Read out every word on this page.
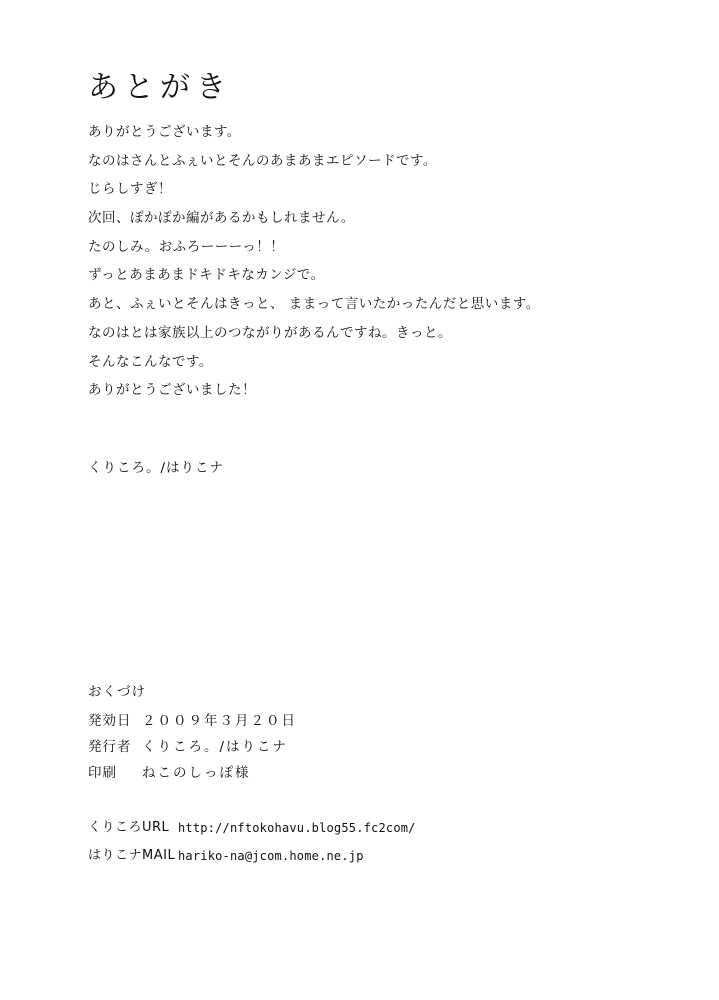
あとがき
ありがとうございます。
なのはさんとふぇいとそんのあまあまエピソードです。
じらしすぎ！
次回、ぽかぽか編があるかもしれません。
たのしみ。おふろーーーっ！！
ずっとあまあまドキドキなカンジで。
あと、ふぇいとそんはきっと、 ままって言いたかったんだと思います。
なのはとは家族以上のつながりがあるんですね。きっと。
そんなこんなです。
ありがとうございました！
くりころ。/はりこナ
おくづけ
発効日 ２００９年３月２０日
発行者 くりころ。/はりこナ
印刷	ねこのしっぽ様
くりころURL http://nftokohavu.blog55.fc2com/
はりこナMAIL hariko-na@jcom.home.ne.jp
